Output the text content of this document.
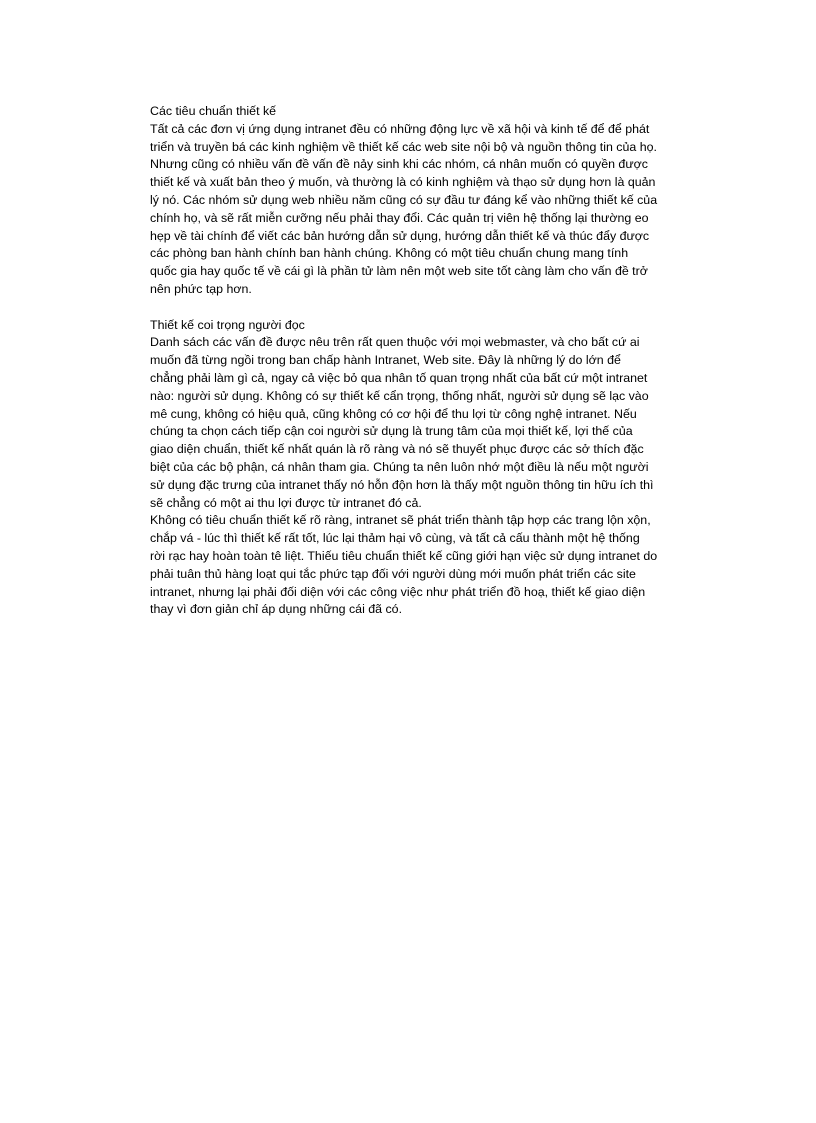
Các tiêu chuẩn thiết kế
Tất cả các đơn vị ứng dụng intranet đều có những động lực về xã hội và kinh tế để để phát
triển và truyền bá các kinh nghiệm về thiết kế các web site nội bộ và nguồn thông tin của họ.
Nhưng cũng có nhiều vấn đề vấn đề nảy sinh khi các nhóm, cá nhân muốn có quyền được
thiết kế và xuất bản theo ý muốn, và thường là có kinh nghiệm và thạo sử dụng hơn là quản
lý nó. Các nhóm sử dụng web nhiều năm cũng có sự đầu tư đáng kể vào những thiết kế của
chính họ, và sẽ rất miễn cưỡng nếu phải thay đổi. Các quản trị viên hệ thống lại thường eo
hẹp về tài chính để viết các bản hướng dẫn sử dụng, hướng dẫn thiết kế và thúc đẩy được
các phòng ban hành chính ban hành chúng. Không có một tiêu chuẩn chung mang tính
quốc gia hay quốc tế về cái gì là phần tử làm nên một web site tốt càng làm cho vấn đề trở
nên phức tạp hơn.
Thiết kế coi trọng người đọc
Danh sách các vấn đề được nêu trên rất quen thuộc với mọi webmaster, và cho bất cứ ai
muốn đã từng ngồi trong ban chấp hành Intranet, Web site. Đây là những lý do lớn để
chẳng phải làm gì cả, ngay cả việc bỏ qua nhân tố quan trọng nhất của bất cứ một intranet
nào: người sử dụng. Không có sự thiết kế cẩn trọng, thống nhất, người sử dụng sẽ lạc vào
mê cung, không có hiệu quả, cũng không có cơ hội để thu lợi từ công nghệ intranet. Nếu
chúng ta chọn cách tiếp cận coi người sử dụng là trung tâm của mọi thiết kế, lợi thế của
giao diện chuẩn, thiết kế nhất quán là rõ ràng và nó sẽ thuyết phục được các sở thích đặc
biệt của các bộ phận, cá nhân tham gia. Chúng ta nên luôn nhớ một điều là nếu một người
sử dụng đặc trưng của intranet thấy nó hỗn độn hơn là thấy một nguồn thông tin hữu ích thì
sẽ chẳng có một ai thu lợi được từ intranet đó cả.
Không có tiêu chuẩn thiết kế rõ ràng, intranet sẽ phát triển thành tập hợp các trang lộn xộn,
chắp vá - lúc thì thiết kế rất tốt, lúc lại thảm hại vô cùng, và tất cả cấu thành một hệ thống
rời rạc hay hoàn toàn tê liệt. Thiếu tiêu chuẩn thiết kế cũng giới hạn việc sử dụng intranet do
phải tuân thủ hàng loạt qui tắc phức tạp đối với người dùng mới muốn phát triển các site
intranet, nhưng lại phải đối diện với các công việc như phát triển đồ hoạ, thiết kế giao diện
thay vì đơn giản chỉ áp dụng những cái đã có.
